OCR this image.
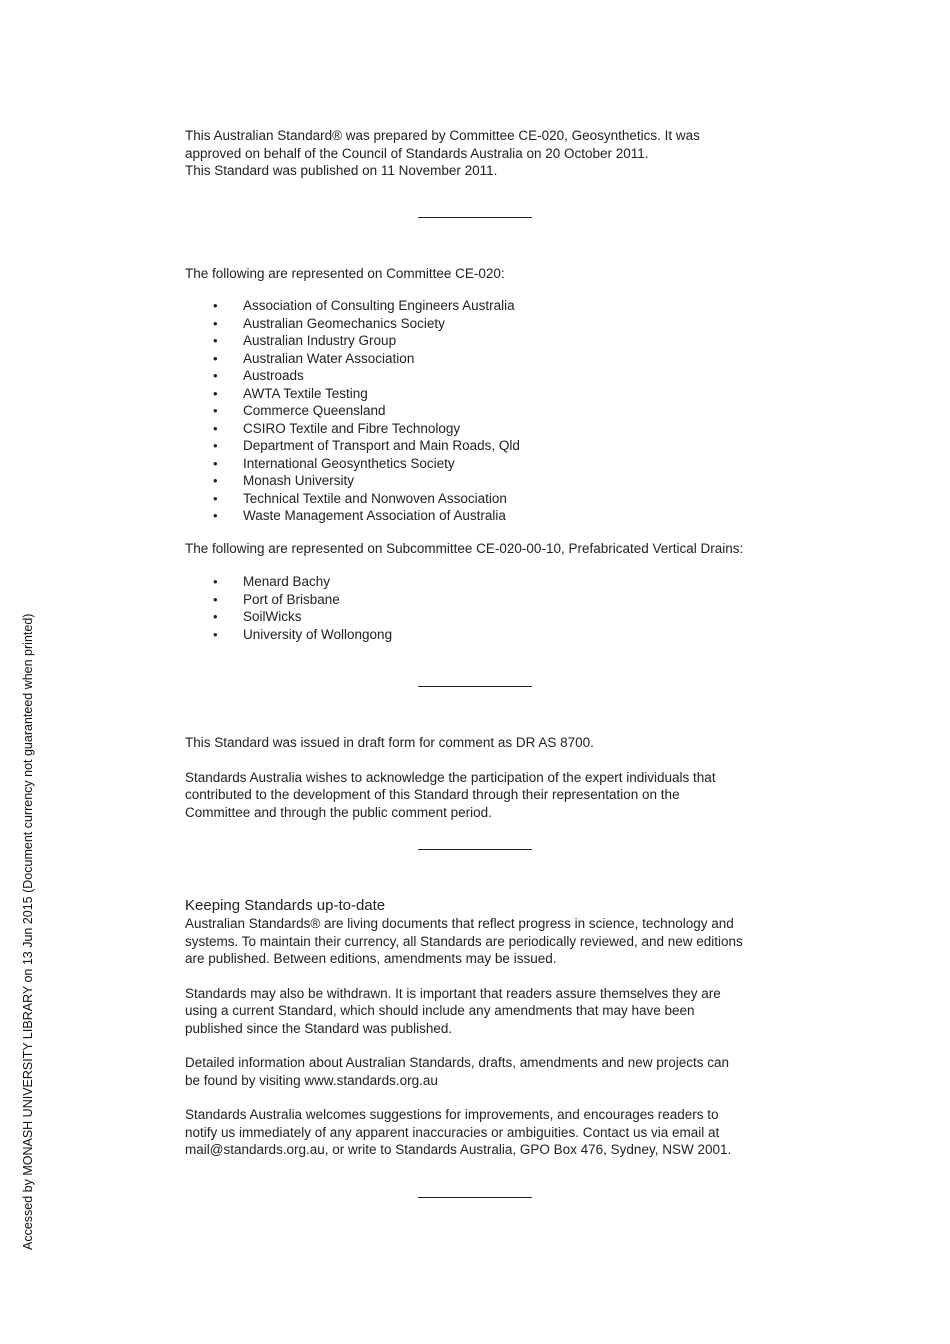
This Australian Standard® was prepared by Committee CE-020, Geosynthetics. It was

approved on behalf of the Council of Standards Australia on 20 October 2011.

This Standard was published on 11 November 2011.

The following are represented on Committee CE-020:

• Association of Consulting Engineers Australia
• Australian Geomechanics Society
• Australian Industry Group
• Australian Water Association
• Austroads
• AWTA Textile Testing
• Commerce Queensland
• CSIRO Textile and Fibre Technology
• Department of Transport and Main Roads, Qld
• International Geosynthetics Society
• Monash University
• Technical Textile and Nonwoven Association
• Waste Management Association of Australia

The following are represented on Subcommittee CE-020-00-10, Prefabricated Vertical Drains:

• Menard Bachy
• Port of Brisbane
• SoilWicks
• University of Wollongong

This Standard was issued in draft form for comment as DR AS 8700.

Standards Australia wishes to acknowledge the participation of the expert individuals that

contributed to the development of this Standard through their representation on the

Committee and through the public comment period.

Keeping Standards up-to-date

Australian Standards® are living documents that reflect progress in science, technology and

systems. To maintain their currency, all Standards are periodically reviewed, and new editions

are published. Between editions, amendments may be issued.

Standards may also be withdrawn. It is important that readers assure themselves they are

using a current Standard, which should include any amendments that may have been

published since the Standard was published.

Detailed information about Australian Standards, drafts, amendments and new projects can

be found by visiting www.standards.org.au

Standards Australia welcomes suggestions for improvements, and encourages readers to

notify us immediately of any apparent inaccuracies or ambiguities. Contact us via email at

mail@standards.org.au, or write to Standards Australia, GPO Box 476, Sydney, NSW 2001.

Accessed by MONASH UNIVERSITY LIBRARY on 13 Jun 2015 (Document currency not guaranteed when printed)
